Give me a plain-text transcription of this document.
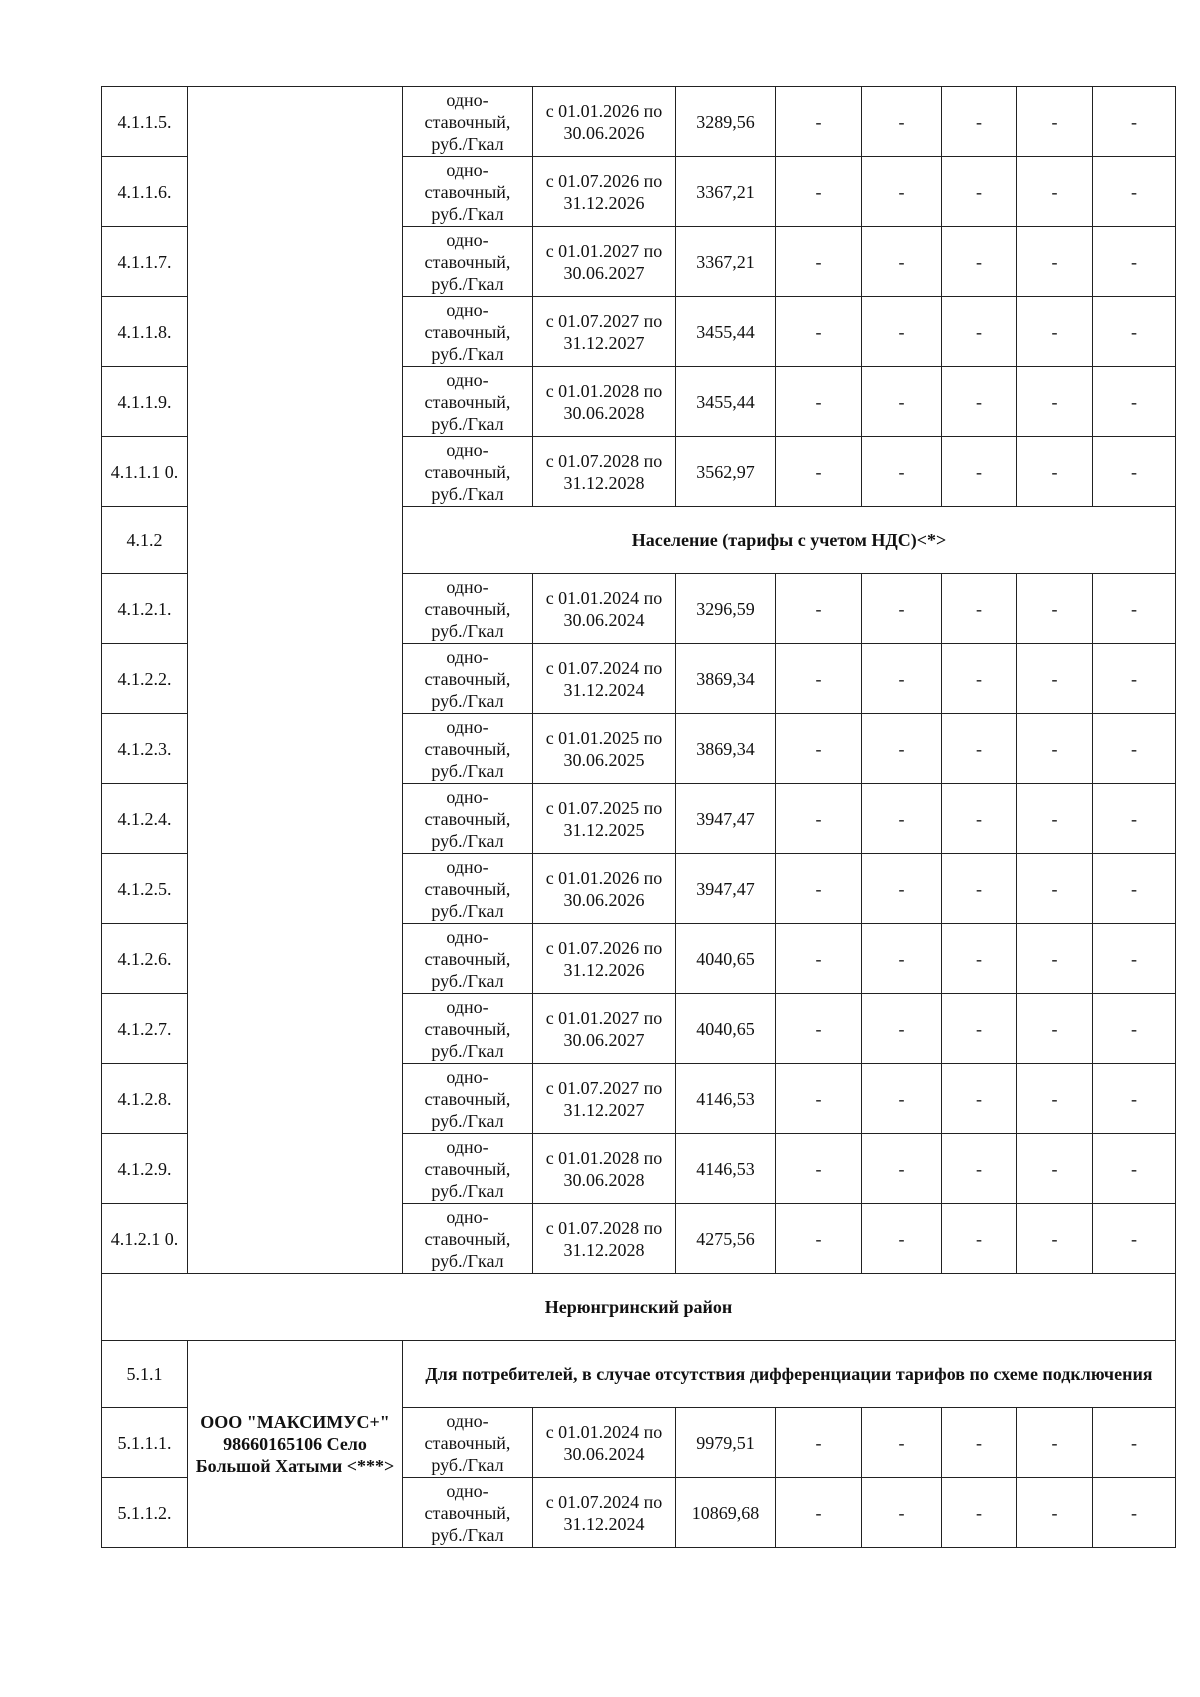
4.1.1.5.		одно-ставочный, руб./Гкал	с 01.01.2026 по 30.06.2026	3289,56	-	-	-	-	-
4.1.1.6.		одно-ставочный, руб./Гкал	с 01.07.2026 по 31.12.2026	3367,21	-	-	-	-	-
4.1.1.7.		одно-ставочный, руб./Гкал	с 01.01.2027 по 30.06.2027	3367,21	-	-	-	-	-
4.1.1.8.		одно-ставочный, руб./Гкал	с 01.07.2027 по 31.12.2027	3455,44	-	-	-	-	-
4.1.1.9.		одно-ставочный, руб./Гкал	с 01.01.2028 по 30.06.2028	3455,44	-	-	-	-	-
4.1.1.1 0.		одно-ставочный, руб./Гкал	с 01.07.2028 по 31.12.2028	3562,97	-	-	-	-	-
4.1.2		Население (тарифы с учетом НДС)<*>							
4.1.2.1.		одно-ставочный, руб./Гкал	с 01.01.2024 по 30.06.2024	3296,59	-	-	-	-	-
4.1.2.2.		одно-ставочный, руб./Гкал	с 01.07.2024 по 31.12.2024	3869,34	-	-	-	-	-
4.1.2.3.		одно-ставочный, руб./Гкал	с 01.01.2025 по 30.06.2025	3869,34	-	-	-	-	-
4.1.2.4.		одно-ставочный, руб./Гкал	с 01.07.2025 по 31.12.2025	3947,47	-	-	-	-	-
4.1.2.5.		одно-ставочный, руб./Гкал	с 01.01.2026 по 30.06.2026	3947,47	-	-	-	-	-
4.1.2.6.		одно-ставочный, руб./Гкал	с 01.07.2026 по 31.12.2026	4040,65	-	-	-	-	-
4.1.2.7.		одно-ставочный, руб./Гкал	с 01.01.2027 по 30.06.2027	4040,65	-	-	-	-	-
4.1.2.8.		одно-ставочный, руб./Гкал	с 01.07.2027 по 31.12.2027	4146,53	-	-	-	-	-
4.1.2.9.		одно-ставочный, руб./Гкал	с 01.01.2028 по 30.06.2028	4146,53	-	-	-	-	-
4.1.2.1 0.		одно-ставочный, руб./Гкал	с 01.07.2028 по 31.12.2028	4275,56	-	-	-	-	-
Нерюнгринский район									
5.1.1	ООО "МАКСИМУС+" 98660165106 Село Большой Хатыми <***>	Для потребителей, в случае отсутствия дифференциации тарифов по схеме подключения							
5.1.1.1.		одно-ставочный, руб./Гкал	с 01.01.2024 по 30.06.2024	9979,51	-	-	-	-	-
5.1.1.2.		одно-ставочный, руб./Гкал	с 01.07.2024 по 31.12.2024	10869,68	-	-	-	-	-
